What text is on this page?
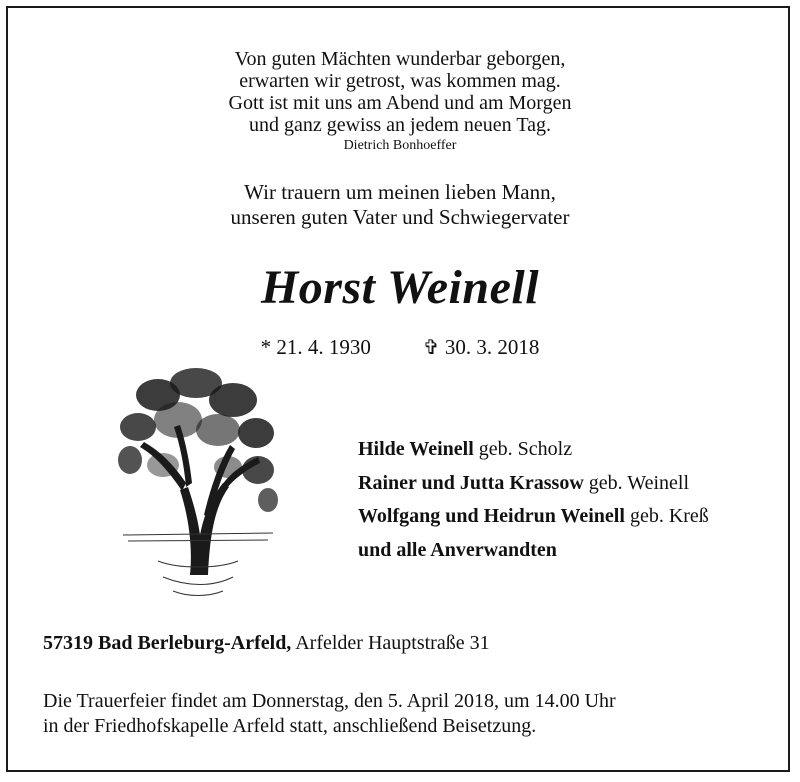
Von guten Mächten wunderbar geborgen,
erwarten wir getrost, was kommen mag.
Gott ist mit uns am Abend und am Morgen
und ganz gewiss an jedem neuen Tag.
Dietrich Bonhoeffer
Wir trauern um meinen lieben Mann,
unseren guten Vater und Schwiegervater
Horst Weinell
* 21. 4. 1930	✞ 30. 3. 2018
Hilde Weinell geb. Scholz
Rainer und Jutta Krassow geb. Weinell
Wolfgang und Heidrun Weinell geb. Kreß
und alle Anverwandten
57319 Bad Berleburg-Arfeld, Arfelder Hauptstraße 31
Die Trauerfeier findet am Donnerstag, den 5. April 2018, um 14.00 Uhr
in der Friedhofskapelle Arfeld statt, anschließend Beisetzung.
